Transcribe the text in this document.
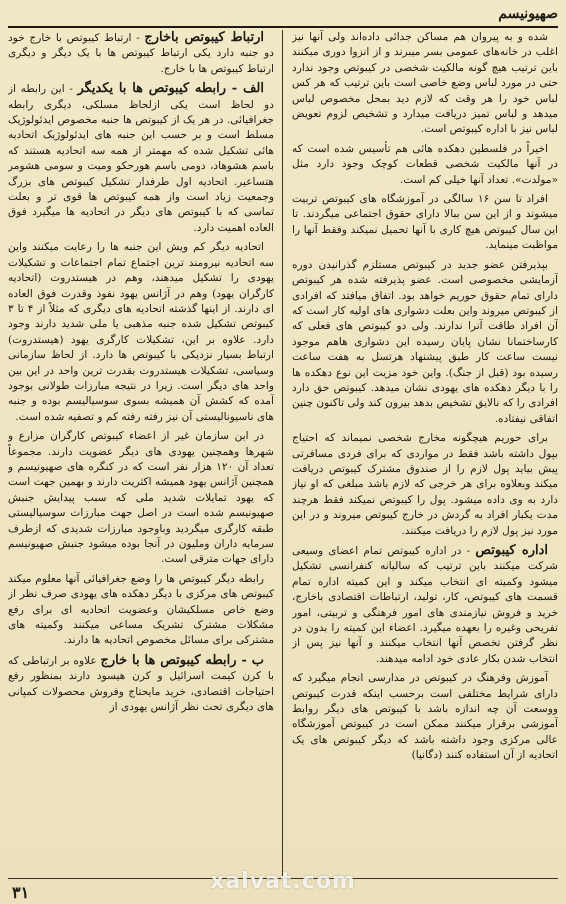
صهیونیسم

شده و به پیروان هم مساکن جدائی داده‌اند ولی آنها نیز اغلب در خانه‌های عمومی بسر میبرند و از انزوا دوری میکنند باین ترتیب هیچ گونه مالکیت شخصی در کیبوتص وجود ندارد حتی در مورد لباس وضع خاصی است باین ترتیب که هر کس لباس خود را هر وقت که لازم دید بمحل مخصوص لباس میدهد و لباس تمیز دریافت میدارد و تشخیص لزوم تعویض لباس نیز با اداره کیبوتص است.

اخیراً در فلسطین دهکده هائی هم تأسیس شده است که در آنها مالکیت شخصی قطعات کوچک وجود دارد مثل «مولدت». تعداد آنها خیلی کم است.

افراد تا سن ۱۶ سالگی در آموزشگاه های کیبوتص تربیت میشوند و از این سن ببالا دارای حقوق اجتماعی میگردند. تا این سال کیبوتص هیچ کاری با آنها تحمیل نمیکند وفقط آنها را مواظبت مینماید.

بپذیرفتن عضو جدید در کیبوتص مستلزم گذرانیدن دوره آزمایشی مخصوصی است. عضو پذیرفته شده هر کیبوتص دارای تمام حقوق حوریم خواهد بود. اتفاق میافتد که افرادی از کیبوتص میروند واین بعلت دشواری های اولیه کار است که آن افراد طاقت آنرا ندارند. ولی دو کیبوتص های فعلی که کارساختمانا نشان پایان رسیده این دشواری هاهم موجود نیست ساعت کار طبق پیشنهاد هرتسل به هفت ساعت رسیده بود (قبل از جنگ). واین خود مزیت این نوع دهکده ها را با دیگر دهکده های یهودی نشان میدهد. کیبوتص حق دارد افرادی را که نالایق تشخیص بدهد بیرون کند ولی تاکنون چنین اتفاقی نیفتاده.

برای حوریم هیچگونه مخارج شخصی نمیماند که احتیاج بپول داشته باشد فقط در مواردی که برای فردی مسافرتی پیش بیاید پول لازم را از صندوق مشترک کیبوتص دریافت میکند وبعلاوه برای هر خرجی که لازم باشد مبلغی که او نیاز دارد به وی داده میشود. پول را کیبوتص نمیکند فقط هرچند مدت یکبار افراد به گردش در خارج کیبوتص میروند و در این مورد نیز پول لازم را دریافت میکنند.

اداره کیبوتص - در اداره کیبوتص تمام اعضای وسیعی شرکت میکنند باین ترتیب که سالیانه کنفرانسی تشکیل میشود وکمیته ای انتخاب میکند و این کمیته اداره تمام قسمت های کیبوتص، کار، تولید، ارتباطات اقتصادی باخارج، خرید و فروش نیازمندی های امور فرهنگی و تربیتی، امور تفریحی وغیره را بعهده میگیرد. اعضاء این کمیته را بدون در نظر گرفتن تخصص آنها انتخاب میکنند و آنها نیز پس از انتخاب شدن بکار عادی خود ادامه میدهند.

آموزش وفرهنگ در کیبوتص در مدارسی انجام میگیرد که دارای شرایط مختلفی است برحسب اینکه قدرت کیبوتص ووسعت آن چه اندازه باشد با کیبوتص های دیگر روابط آموزشی برقرار میکنند ممکن است در کیبوتص آموزشگاه عالی مرکزی وجود داشته باشد که دیگر کیبوتص های یک اتحادیه از آن استفاده کنند (دگانیا)

ارتباط کیبوتص باخارج - ارتباط کیبوتص با خارج خود دو جنبه دارد یکی ارتباط کیبوتص ها با یک دیگر و دیگری ارتباط کیبوتص ها با خارج.

الف - رابطه کیبوتص ها با یکدیگر - این رابطه از دو لحاظ است یکی ازلحاظ مسلکی، دیگری رابطه جغرافیائی. در هر یک از کیبوتص ها جنبه مخصوص ایدئولوژیک مسلط است و بر حسب این جنبه های ایدئولوژیک اتحادیه هائی تشکیل شده که مهمتر از همه سه اتحادیه هستند که باسم هشوهاد، دومی باسم هورحکو ومیت و سومی هشومر هتساعیر. اتحادیه اول طرفدار تشکیل کیبوتص های بزرگ وجمعیت زیاد است واز همه کیبوتص ها قوی تر و بعلت تماسی که با کیبوتص های دیگر در اتحادیه ها میگیرد فوق العاده اهمیت دارد.

اتحادیه دیگر کم ویش این جنبه ها را رعایت میکنند واین سه اتحادیه نیرومند ترین اجتماع تمام اجتماعات و تشکیلات یهودی را تشکیل میدهند، وهم در هیستدروت (اتحادیه کارگران یهود) وهم در آژانس یهود نفوذ وقدرت فوق العاده ای دارند. از اینها گذشته اتحادیه های دیگری که مثلاً از ۴ تا ۳ کیبوتص تشکیل شده جنبه مذهبی یا ملی شدید دارند وجود دارد. علاوه بر این، تشکیلات کارگری یهود (هیستدروت) ارتباط بسیار نزدیکی با کیبوتص ها دارد. از لحاظ سازمانی وسیاسی، تشکیلات هیستدروت بقدرت ترین واحد در این بین واحد های دیگر است. زیرا در نتیجه مبارزات طولانی بوجود آمده که کشش آن همیشه بسوی سوسیالیسم بوده و جنبه های ناسیونالیستی آن نیز رفته رفته کم و تصفیه شده است.

در این سازمان غیر از اعضاء کیبوتص کارگران مزارع و شهرها وهمچنین یهودی های دیگر عضویت دارند. مجموعاً تعداد آن ۱۲۰ هزار نفر است که در کنگره های صهیونیسم و همچنین آژانس یهود همیشه اکثریت دارند و بهمین جهت است که یهود تمایلات شدید ملی که سبب پیدایش جنبش صهیونیسم شده است در اصل جهت مبارزات سوسیالیستی طبقه کارگری میگردید وباوجود مبارزات شدیدی که ازطرف سرمایه داران وملیون در آنجا بوده میشود جنبش صهیونیسم دارای جهات مترقی است.

رابطه دیگر کیبوتص ها را وضع جغرافیائی آنها معلوم میکند کیبوتص های مرکزی با دیگر دهکده های یهودی صرف نظر از وضع خاص مسلکیشان وعضویت اتحادیه ای برای رفع مشکلات مشترک تشریک مساعی میکنند وکمیته های مشترکی برای مسائل مخصوص اتحادیه ها دارند.

ب - رابطه کیبوتص ها با خارج علاوه بر ارتباطی که با کرن کیمت اسرائیل و کرن هیسود دارند بمنظور رفع احتیاجات اقتصادی، خرید مایحتاج وفروش محصولات کمپانی های دیگری تحت نظر آژانس یهودی از

۳۱	xalvat.com
